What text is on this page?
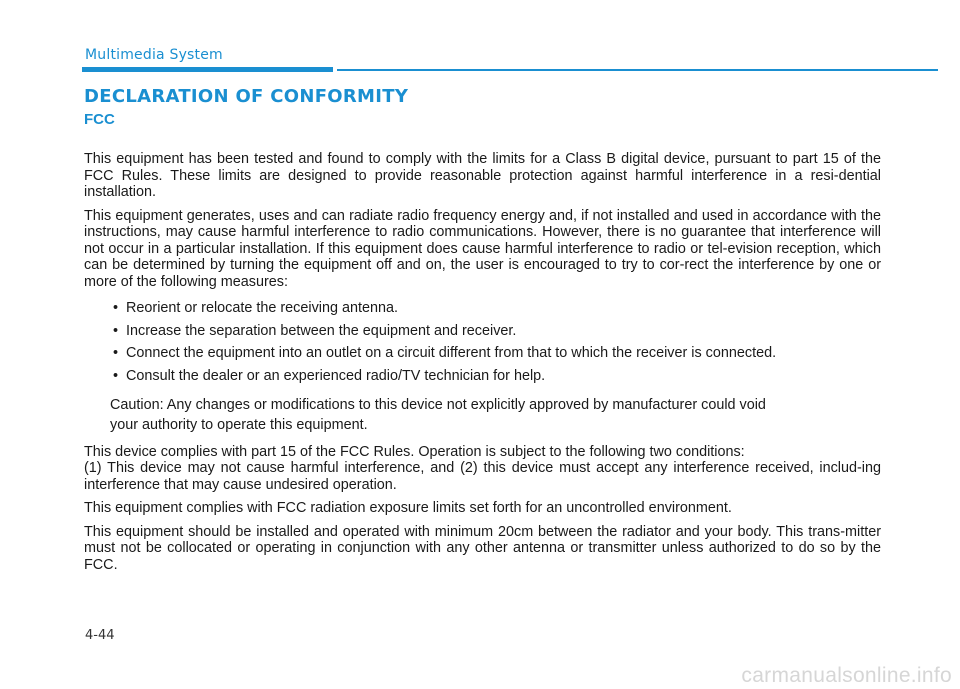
Multimedia System
DECLARATION OF CONFORMITY
FCC

This equipment has been tested and found to comply with the limits for a Class B digital device, pursuant to part 15 of the FCC Rules. These limits are designed to provide reasonable protection against harmful interference in a resi-dential installation.

This equipment generates, uses and can radiate radio frequency energy and, if not installed and used in accordance with the instructions, may cause harmful interference to radio communications. However, there is no guarantee that interference will not occur in a particular installation. If this equipment does cause harmful interference to radio or tel-evision reception, which can be determined by turning the equipment off and on, the user is encouraged to try to cor-rect the interference by one or more of the following measures:

• Reorient or relocate the receiving antenna.
• Increase the separation between the equipment and receiver.
• Connect the equipment into an outlet on a circuit different from that to which the receiver is connected.
• Consult the dealer or an experienced radio/TV technician for help.
Caution: Any changes or modifications to this device not explicitly approved by manufacturer could void
your authority to operate this equipment.
This device complies with part 15 of the FCC Rules. Operation is subject to the following two conditions:

(1) This device may not cause harmful interference, and (2) this device must accept any interference received, includ-ing interference that may cause undesired operation.

This equipment complies with FCC radiation exposure limits set forth for an uncontrolled environment.

This equipment should be installed and operated with minimum 20cm between the radiator and your body. This trans-mitter must not be collocated or operating in conjunction with any other antenna or transmitter unless authorized to do so by the FCC.

4-44
carmanualsonline.info
